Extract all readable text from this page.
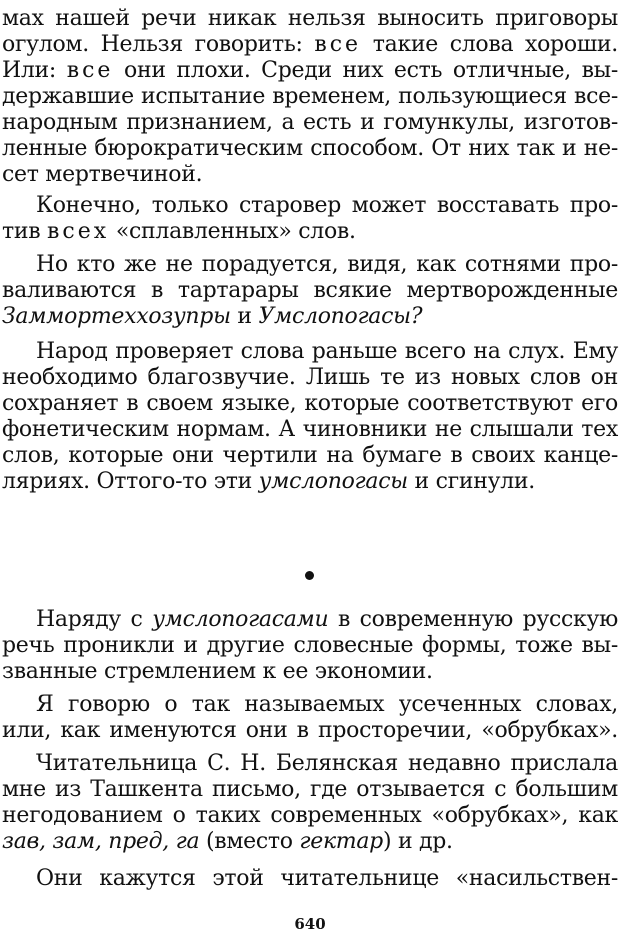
мах нашей речи никак нельзя выносить приговоры
огулом. Нельзя говорить: все такие слова хороши.
Или: все они плохи. Среди них есть отличные, вы-
державшие испытание временем, пользующиеся все-
народным признанием, а есть и гомункулы, изготов-
ленные бюрократическим способом. От них так и не-
сет мертвечиной.
Конечно, только старовер может восставать про-
тив всех «сплавленных» слов.
Но кто же не порадуется, видя, как сотнями про-
валиваются в тартарары всякие мертворожденные
Заммортеххозупры и Умслопогасы?
Народ проверяет слова раньше всего на слух. Ему
необходимо благозвучие. Лишь те из новых слов он
сохраняет в своем языке, которые соответствуют его
фонетическим нормам. А чиновники не слышали тех
слов, которые они чертили на бумаге в своих канце-
ляриях. Оттого-то эти умслопогасы и сгинули.
Наряду с умслопогасами в современную русскую
речь проникли и другие словесные формы, тоже вы-
званные стремлением к ее экономии.
Я говорю о так называемых усеченных словах,
или, как именуются они в просторечии, «обрубках».
Читательница С. Н. Белянская недавно прислала
мне из Ташкента письмо, где отзывается с большим
негодованием о таких современных «обрубках», как
зав, зам, пред, га (вместо гектар) и др.
Они кажутся этой читательнице «насильствен-
640
